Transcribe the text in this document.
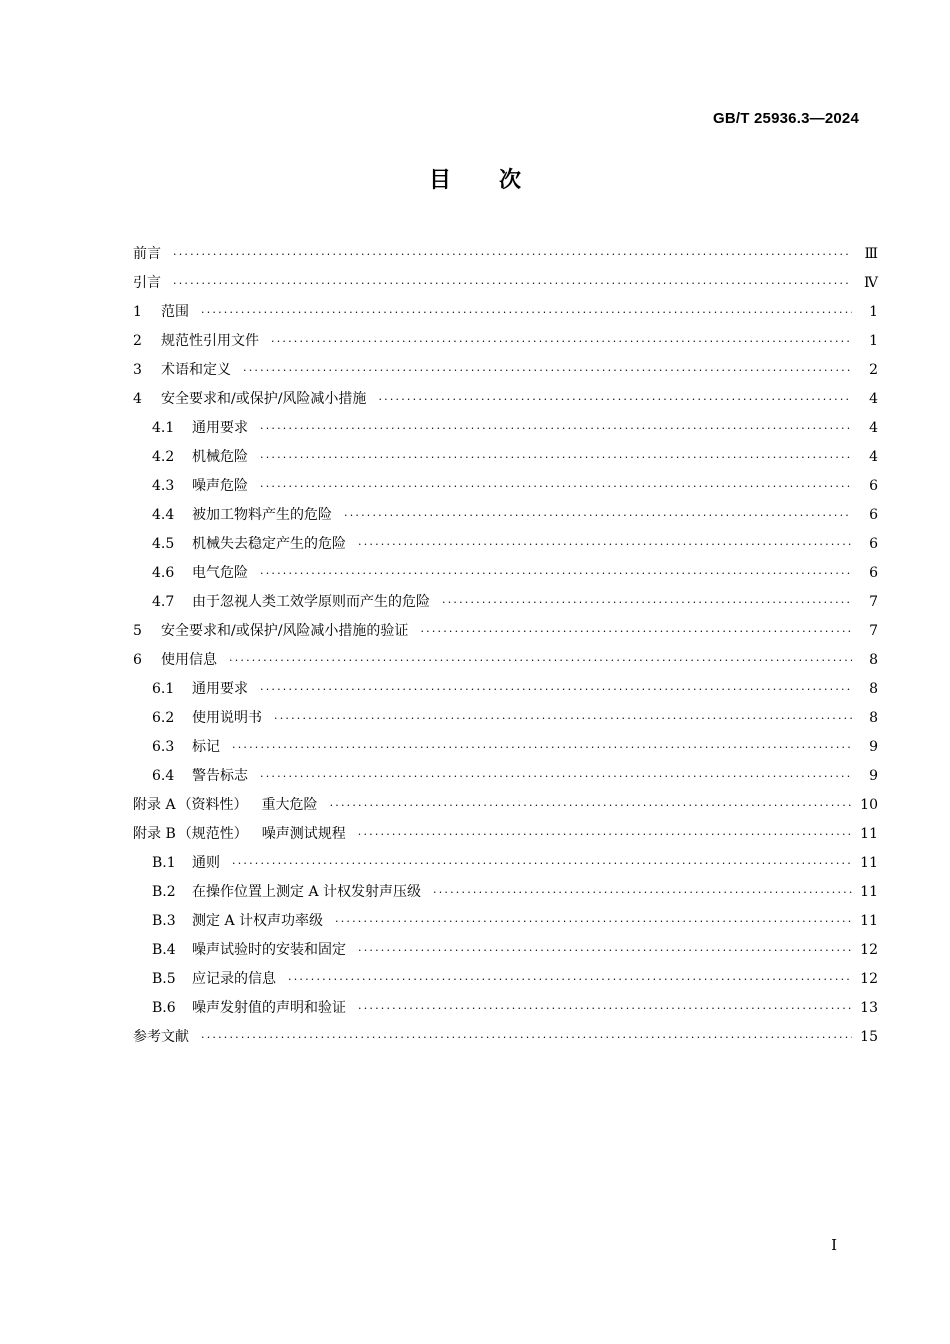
GB/T 25936.3—2024
目 次
前言 ·····	Ⅲ
引言 ·····	Ⅳ
1	范围 ·····	1
2	规范性引用文件 ·····	1
3	术语和定义 ·····	2
4	安全要求和/或保护/风险减小措施 ·····	4
4.1	通用要求 ·····	4
4.2	机械危险 ·····	4
4.3	噪声危险 ·····	6
4.4	被加工物料产生的危险 ·····	6
4.5	机械失去稳定产生的危险 ·····	6
4.6	电气危险 ·····	6
4.7	由于忽视人类工效学原则而产生的危险 ·····	7
5	安全要求和/或保护/风险减小措施的验证 ·····	7
6	使用信息 ·····	8
6.1	通用要求 ·····	8
6.2	使用说明书 ·····	8
6.3	标记 ·····	9
6.4	警告标志 ·····	9
附录 A （资料性） 重大危险 ·····	10
附录 B （规范性） 噪声测试规程 ·····	11
B.1	通则 ·····	11
B.2	在操作位置上测定 A 计权发射声压级 ·····	11
B.3	测定 A 计权声功率级 ·····	11
B.4	噪声试验时的安装和固定 ·····	12
B.5	应记录的信息 ·····	12
B.6	噪声发射值的声明和验证 ·····	13
参考文献 ·····	15
Ⅰ
